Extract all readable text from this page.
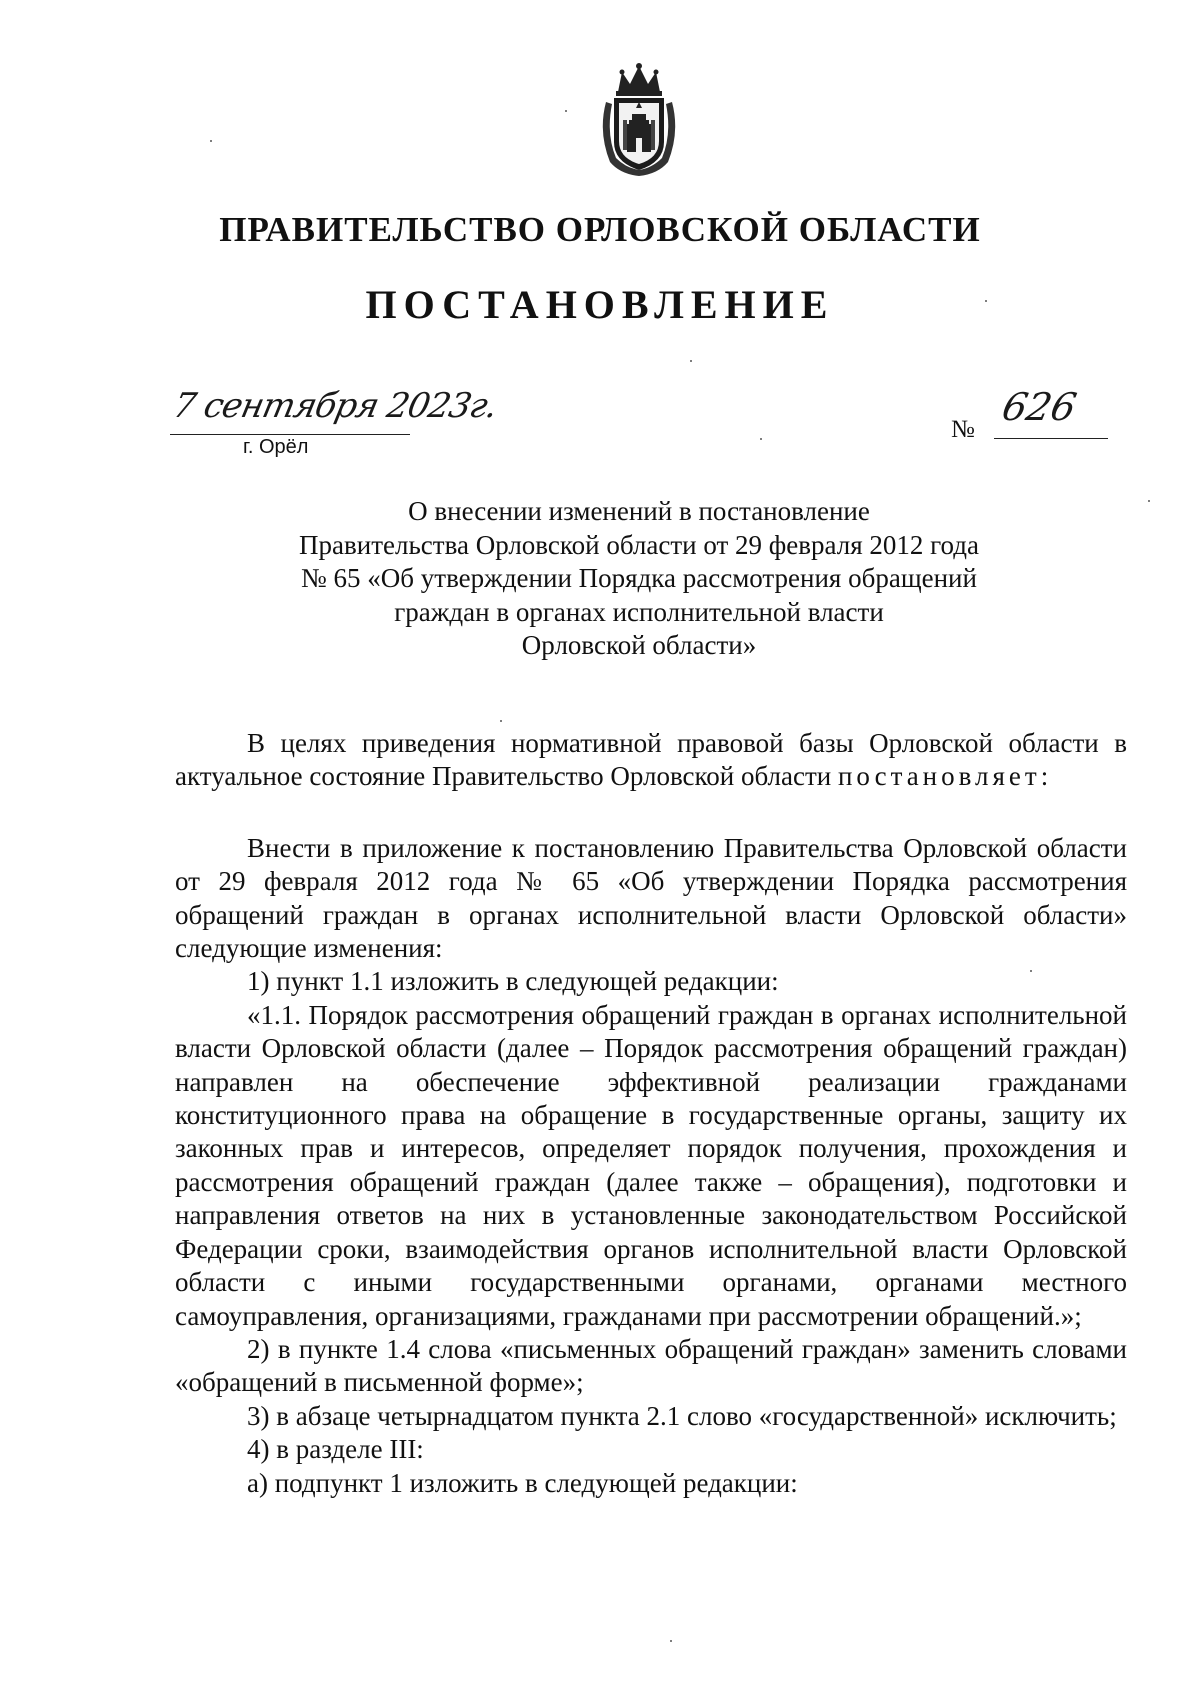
ПРАВИТЕЛЬСТВО ОРЛОВСКОЙ ОБЛАСТИ
ПОСТАНОВЛЕНИЕ
7 сентября 2023г.
г. Орёл
№
626
О внесении изменений в постановление
Правительства Орловской области от 29 февраля 2012 года
№ 65 «Об утверждении Порядка рассмотрения обращений
граждан в органах исполнительной власти
Орловской области»

В целях приведения нормативной правовой базы Орловской области в актуальное состояние Правительство Орловской области постановляет:

Внести в приложение к постановлению Правительства Орловской области от 29 февраля 2012 года № 65 «Об утверждении Порядка рассмотрения обращений граждан в органах исполнительной власти Орловской области» следующие изменения:

1) пункт 1.1 изложить в следующей редакции:

«1.1. Порядок рассмотрения обращений граждан в органах исполнительной власти Орловской области (далее – Порядок рассмотрения обращений граждан) направлен на обеспечение эффективной реализации гражданами конституционного права на обращение в государственные органы, защиту их законных прав и интересов, определяет порядок получения, прохождения и рассмотрения обращений граждан (далее также – обращения), подготовки и направления ответов на них в установленные законодательством Российской Федерации сроки, взаимодействия органов исполнительной власти Орловской области с иными государственными органами, органами местного самоуправления, организациями, гражданами при рассмотрении обращений.»;

2) в пункте 1.4 слова «письменных обращений граждан» заменить словами «обращений в письменной форме»;

3) в абзаце четырнадцатом пункта 2.1 слово «государственной» исключить;

4) в разделе III:

а) подпункт 1 изложить в следующей редакции:
